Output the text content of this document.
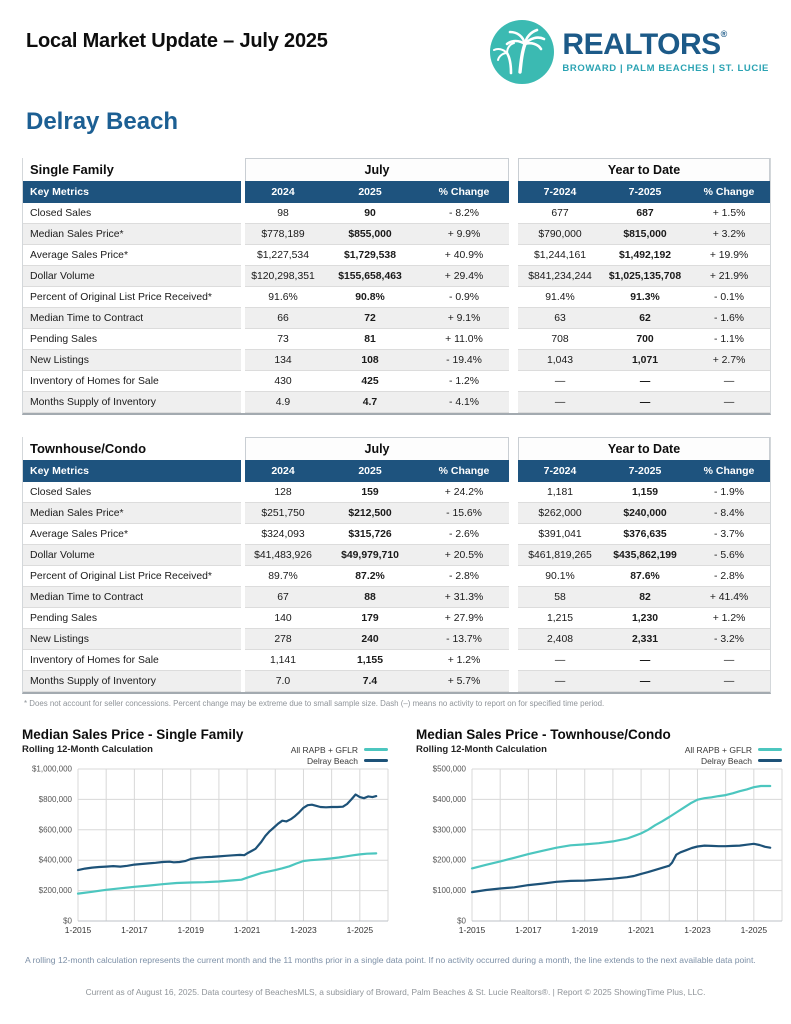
Local Market Update – July 2025	REALTORS®
BROWARD | PALM BEACHES | ST. LUCIE
Delray Beach
Single Family		July				Year to Date		
Key Metrics		2024	2025	% Change		7-2024	7-2025	% Change
Closed Sales		98	90	- 8.2%		677	687	+ 1.5%
Median Sales Price*		$778,189	$855,000	+ 9.9%		$790,000	$815,000	+ 3.2%
Average Sales Price*		$1,227,534	$1,729,538	+ 40.9%		$1,244,161	$1,492,192	+ 19.9%
Dollar Volume		$120,298,351	$155,658,463	+ 29.4%		$841,234,244	$1,025,135,708	+ 21.9%
Percent of Original List Price Received*		91.6%	90.8%	- 0.9%		91.4%	91.3%	- 0.1%
Median Time to Contract		66	72	+ 9.1%		63	62	- 1.6%
Pending Sales		73	81	+ 11.0%		708	700	- 1.1%
New Listings		134	108	- 19.4%		1,043	1,071	+ 2.7%
Inventory of Homes for Sale		430	425	- 1.2%		—	—	—
Months Supply of Inventory		4.9	4.7	- 4.1%		—	—	—
Townhouse/Condo		July				Year to Date		
Key Metrics		2024	2025	% Change		7-2024	7-2025	% Change
Closed Sales		128	159	+ 24.2%		1,181	1,159	- 1.9%
Median Sales Price*		$251,750	$212,500	- 15.6%		$262,000	$240,000	- 8.4%
Average Sales Price*		$324,093	$315,726	- 2.6%		$391,041	$376,635	- 3.7%
Dollar Volume		$41,483,926	$49,979,710	+ 20.5%		$461,819,265	$435,862,199	- 5.6%
Percent of Original List Price Received*		89.7%	87.2%	- 2.8%		90.1%	87.6%	- 2.8%
Median Time to Contract		67	88	+ 31.3%		58	82	+ 41.4%
Pending Sales		140	179	+ 27.9%		1,215	1,230	+ 1.2%
New Listings		278	240	- 13.7%		2,408	2,331	- 3.2%
Inventory of Homes for Sale		1,141	1,155	+ 1.2%		—	—	—
Months Supply of Inventory		7.0	7.4	+ 5.7%		—	—	—
* Does not account for seller concessions. Percent change may be extreme due to small sample size. Dash (–) means no activity to report on for specified time period.
Median Sales Price - Single Family
Rolling 12-Month Calculation	All RAPB + GFLR
Delray Beach
$0
$200,000
$400,000
$600,000
$800,000
$1,000,000
1-2015	1-2017	1-2019	1-2021	1-2023	1-2025
Median Sales Price - Townhouse/Condo
Rolling 12-Month Calculation	All RAPB + GFLR
Delray Beach
$0
$100,000
$200,000
$300,000
$400,000
$500,000
1-2015	1-2017	1-2019	1-2021	1-2023	1-2025
A rolling 12-month calculation represents the current month and the 11 months prior in a single data point. If no activity occurred during a month, the line extends to the next available data point.
Current as of August 16, 2025. Data courtesy of BeachesMLS, a subsidiary of Broward, Palm Beaches & St. Lucie Realtors®. | Report © 2025 ShowingTime Plus, LLC.
